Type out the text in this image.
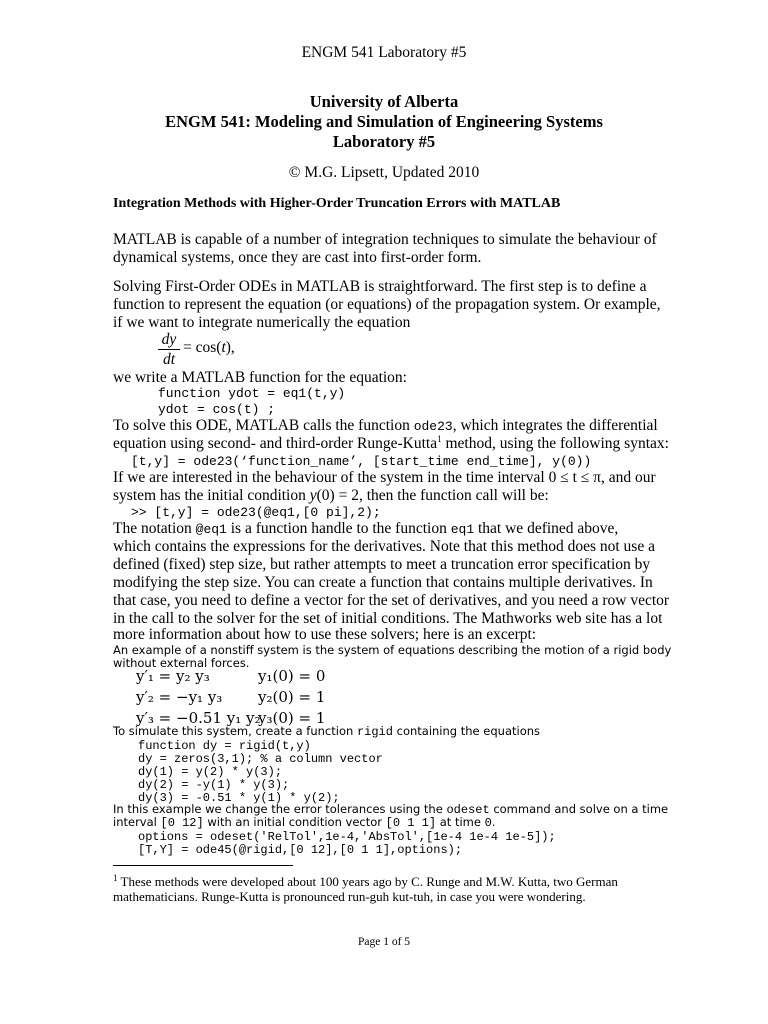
ENGM 541 Laboratory #5
University of Alberta
ENGM 541: Modeling and Simulation of Engineering Systems
Laboratory #5
© M.G. Lipsett, Updated 2010
Integration Methods with Higher-Order Truncation Errors with MATLAB
MATLAB is capable of a number of integration techniques to simulate the behaviour of
dynamical systems, once they are cast into first-order form.
Solving First-Order ODEs in MATLAB is straightforward. The first step is to define a
function to represent the equation (or equations) of the propagation system. Or example,
if we want to integrate numerically the equation
dy
dt
= cos(t),
we write a MATLAB function for the equation:
function ydot = eq1(t,y)
ydot = cos(t) ;
To solve this ODE, MATLAB calls the function ode23, which integrates the differential
equation using second- and third-order Runge-Kutta$^1$ method, using the following syntax:
[t,y] = ode23(‘function_name’, [start_time end_time], y(0))
If we are interested in the behaviour of the system in the time interval 0 ≤ t ≤ π, and our
system has the initial condition y(0) = 2, then the function call will be:
>> [t,y] = ode23(@eq1,[0 pi],2);
The notation @eq1 is a function handle to the function eq1 that we defined above,
which contains the expressions for the derivatives. Note that this method does not use a
defined (fixed) step size, but rather attempts to meet a truncation error specification by
modifying the step size. You can create a function that contains multiple derivatives. In
that case, you need to define a vector for the set of derivatives, and you need a row vector
in the call to the solver for the set of initial conditions. The Mathworks web site has a lot
more information about how to use these solvers; here is an excerpt:
An example of a nonstiff system is the system of equations describing the motion of a rigid body
without external forces.
y′₁ = y₂ y₃	y₁(0) = 0
y′₂ = −y₁ y₃ y₂(0) = 1
y′₃ = −0.51 y₁ y₂
y₃(0) = 1
To simulate this system, create a function rigid containing the equations
function dy = rigid(t,y)
dy = zeros(3,1); % a column vector
dy(1) = y(2) * y(3);
dy(2) = -y(1) * y(3);
dy(3) = -0.51 * y(1) * y(2);
In this example we change the error tolerances using the odeset command and solve on a time
interval [0 12] with an initial condition vector [0 1 1] at time 0.
options = odeset('RelTol',1e-4,'AbsTol',[1e-4 1e-4 1e-5]);
[T,Y] = ode45(@rigid,[0 12],[0 1 1],options);
$^1$ These methods were developed about 100 years ago by C. Runge and M.W. Kutta, two German
mathematicians. Runge-Kutta is pronounced run-guh kut-tuh, in case you were wondering.
Page 1 of 5
